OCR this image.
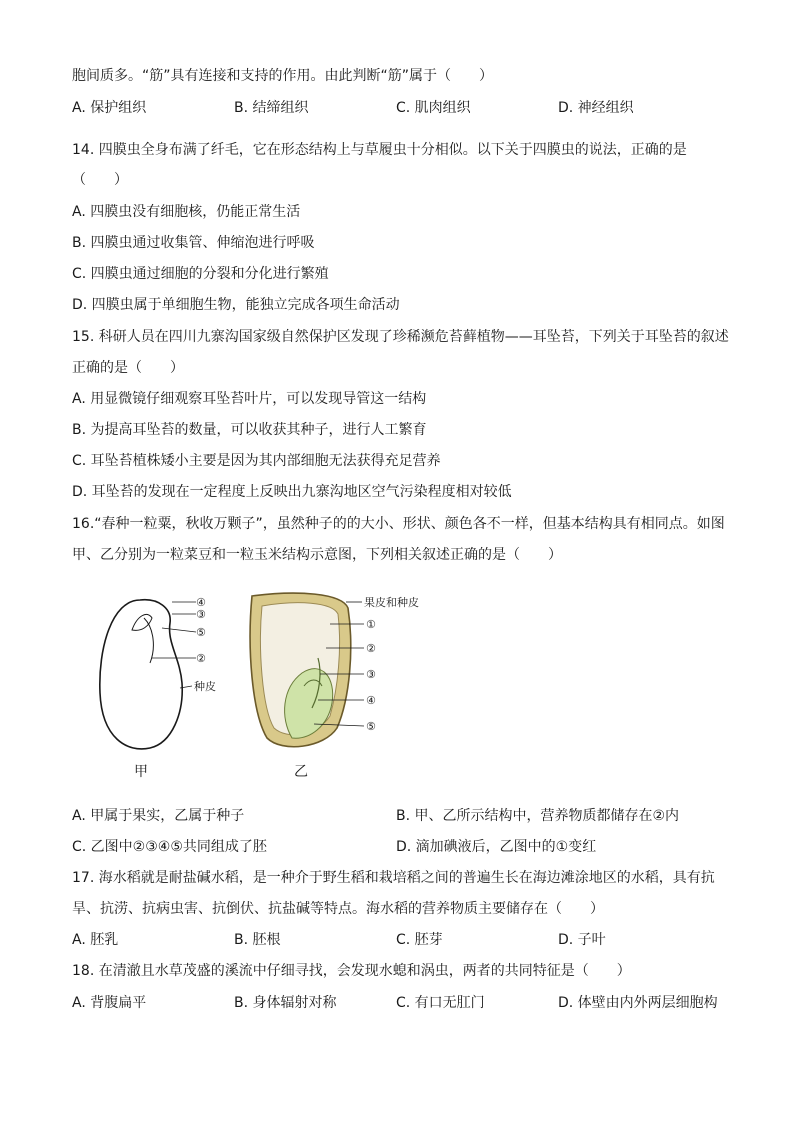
胞间质多。“筋”具有连接和支持的作用。由此判断“筋”属于（　　）
A. 保护组织	B. 结缔组织	C. 肌肉组织	D. 神经组织
14. 四膜虫全身布满了纤毛，它在形态结构上与草履虫十分相似。以下关于四膜虫的说法，正确的是
（　　）
A. 四膜虫没有细胞核，仍能正常生活
B. 四膜虫通过收集管、伸缩泡进行呼吸
C. 四膜虫通过细胞的分裂和分化进行繁殖
D. 四膜虫属于单细胞生物，能独立完成各项生命活动
15. 科研人员在四川九寨沟国家级自然保护区发现了珍稀濒危苔藓植物——耳坠苔，下列关于耳坠苔的叙述
正确的是（　　）
A. 用显微镜仔细观察耳坠苔叶片，可以发现导管这一结构
B. 为提高耳坠苔的数量，可以收获其种子，进行人工繁育
C. 耳坠苔植株矮小主要是因为其内部细胞无法获得充足营养
D. 耳坠苔的发现在一定程度上反映出九寨沟地区空气污染程度相对较低
16.“春种一粒粟，秋收万颗子”，虽然种子的的大小、形状、颜色各不一样，但基本结构具有相同点。如图
甲、乙分别为一粒菜豆和一粒玉米结构示意图，下列相关叙述正确的是（　　）
④
③
⑤
②
种皮
甲
果皮和种皮
①
②
③
④
⑤
乙
A. 甲属于果实，乙属于种子	B. 甲、乙所示结构中，营养物质都储存在②内
C. 乙图中②③④⑤共同组成了胚	D. 滴加碘液后，乙图中的①变红
17. 海水稻就是耐盐碱水稻，是一种介于野生稻和栽培稻之间的普遍生长在海边滩涂地区的水稻，具有抗
旱、抗涝、抗病虫害、抗倒伏、抗盐碱等特点。海水稻的营养物质主要储存在（　　）
A. 胚乳	B. 胚根	C. 胚芽	D. 子叶
18. 在清澈且水草茂盛的溪流中仔细寻找，会发现水螅和涡虫，两者的共同特征是（　　）
A. 背腹扁平	B. 身体辐射对称	C. 有口无肛门	D. 体壁由内外两层细胞构
